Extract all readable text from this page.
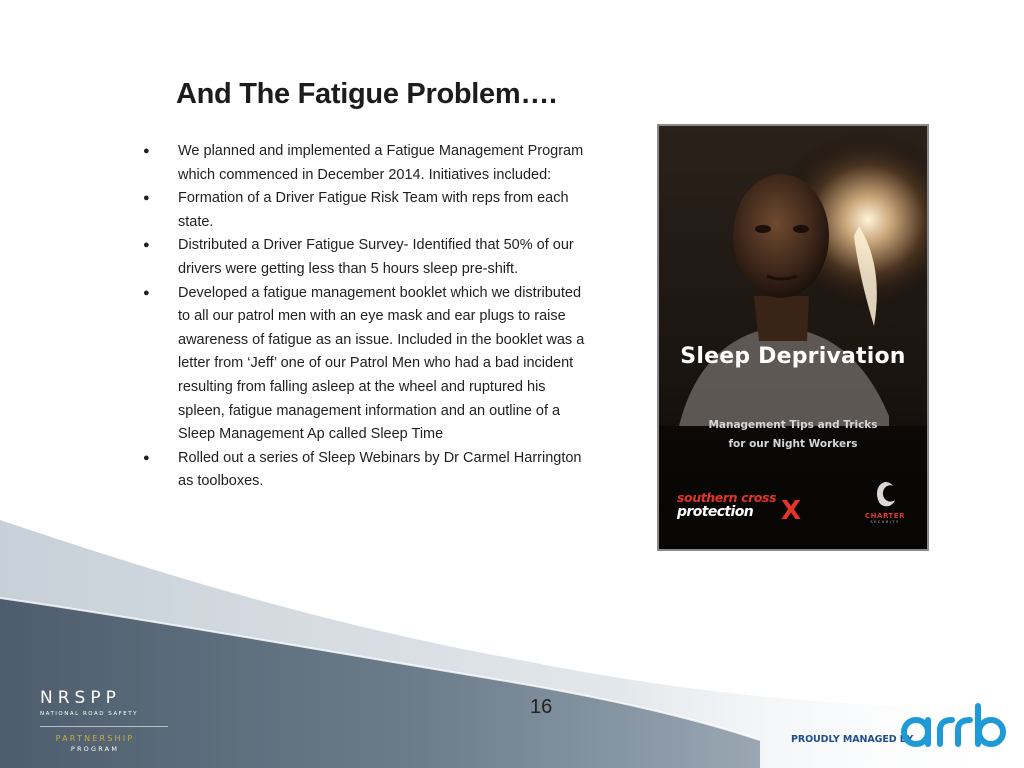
And The Fatigue Problem….
● We planned and implemented a Fatigue Management Program which commenced in December 2014. Initiatives included:
● Formation of a Driver Fatigue Risk Team with reps from each state.
● Distributed a Driver Fatigue Survey- Identified that 50% of our drivers were getting less than 5 hours sleep pre-shift.
● Developed a fatigue management booklet which we distributed to all our patrol men with an eye mask and ear plugs to raise awareness of fatigue as an issue. Included in the booklet was a letter from ‘Jeff’ one of our Patrol Men who had a bad incident resulting from falling asleep at the wheel and ruptured his spleen, fatigue management information and an outline of a Sleep Management Ap called Sleep Time
● Rolled out a series of Sleep Webinars by Dr Carmel Harrington as toolboxes.
Sleep Deprivation
Management Tips and Tricks
for our Night Workers
southern cross
protection	X	CHARTER
SECURITY
16
NRSPP
NATIONAL ROAD SAFETY
PARTNERSHIP
PROGRAM
PROUDLY MANAGED BY
